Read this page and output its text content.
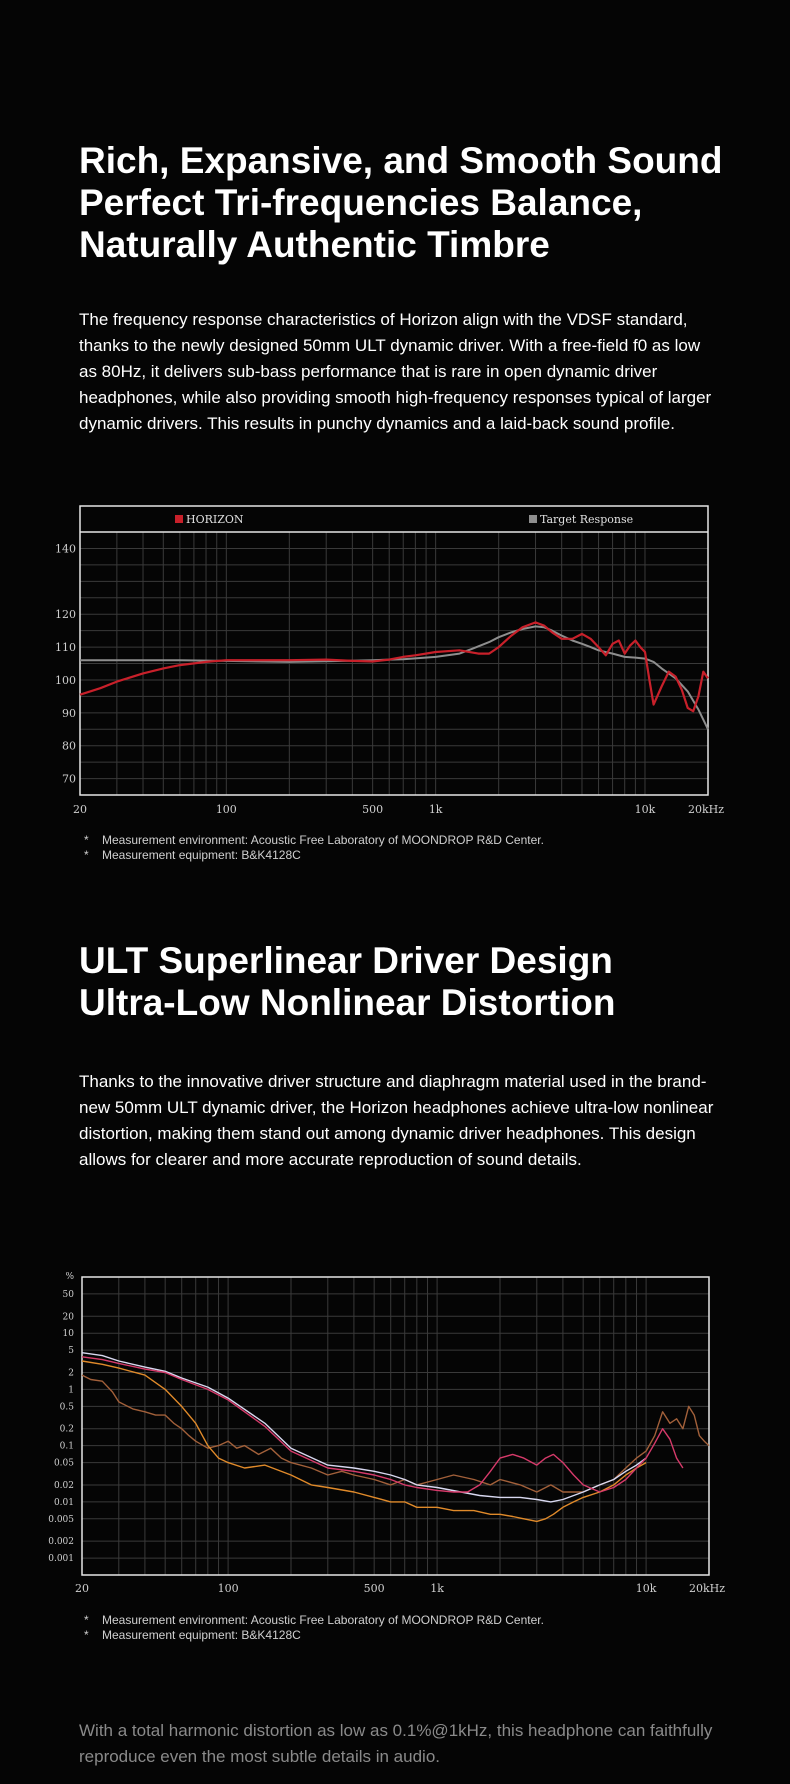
Rich, Expansive, and Smooth Sound
Perfect Tri-frequencies Balance,
Naturally Authentic Timbre

The frequency response characteristics of Horizon align with the VDSF standard, thanks to the newly designed 50mm ULT dynamic driver. With a free-field f0 as low as 80Hz, it delivers sub-bass performance that is rare in open dynamic driver headphones, while also providing smooth high-frequency responses typical of larger dynamic drivers. This results in punchy dynamics and a laid-back sound profile.

70
80
90
100
110
120
140
20	100	500	1k	10k	20kHz
HORIZON	Target Response
* Measurement environment: Acoustic Free Laboratory of MOONDROP R&D Center.
* Measurement equipment: B&K4128C
ULT Superlinear Driver Design
Ultra-Low Nonlinear Distortion

Thanks to the innovative driver structure and diaphragm material used in the brand-new 50mm ULT dynamic driver, the Horizon headphones achieve ultra-low nonlinear distortion, making them stand out among dynamic driver headphones. This design allows for clearer and more accurate reproduction of sound details.

%
50
20
10
5
2
1
0.5
0.2
0.1
0.05
0.02
0.01
0.005
0.002
0.001
20	100	500	1k	10k	20kHz
* Measurement environment: Acoustic Free Laboratory of MOONDROP R&D Center.
* Measurement equipment: B&K4128C

With a total harmonic distortion as low as 0.1%@1kHz, this headphone can faithfully reproduce even the most subtle details in audio.
